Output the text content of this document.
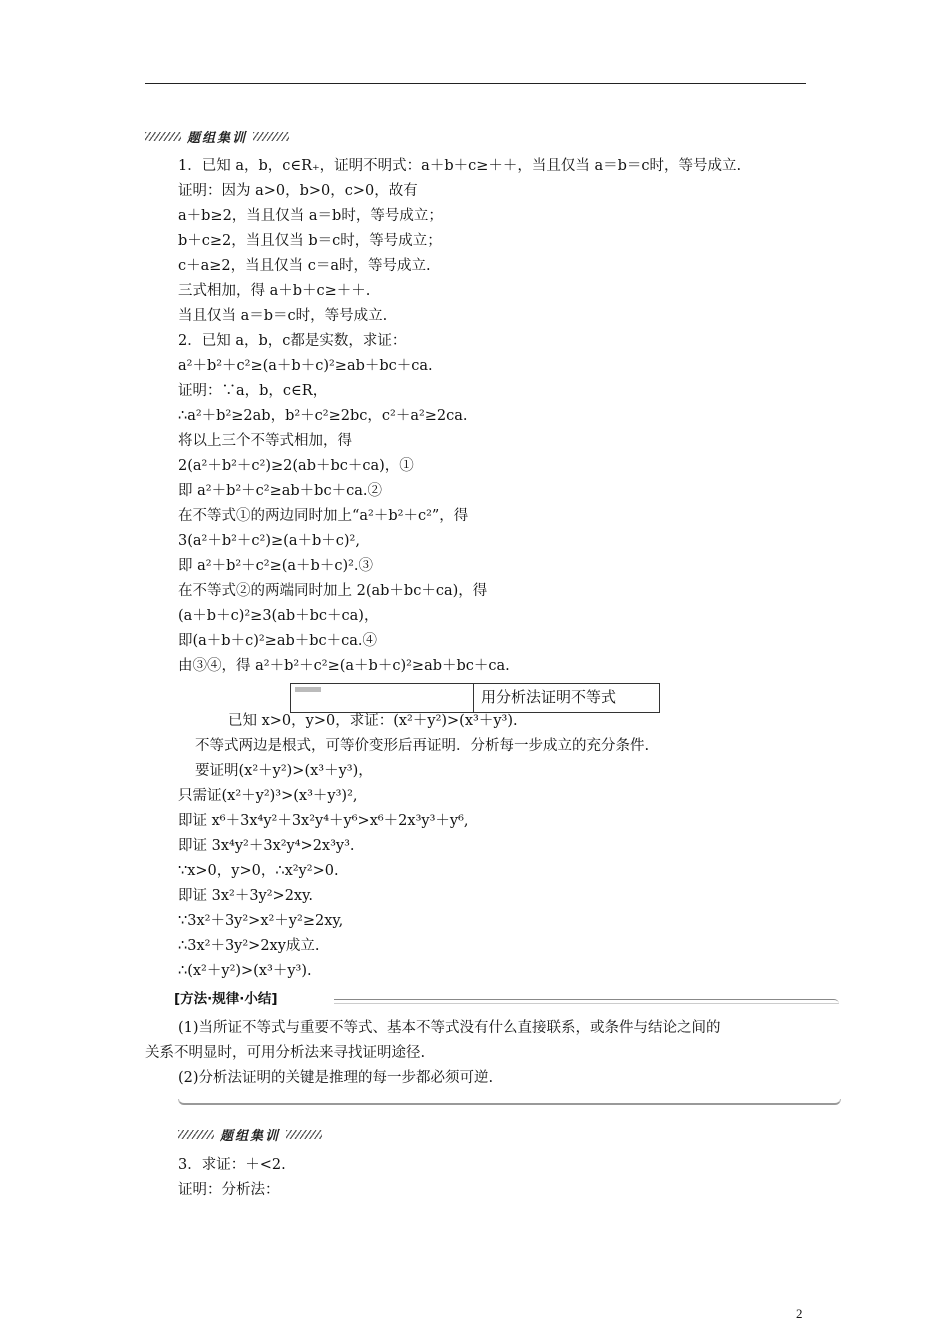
题组集训
1．已知 a，b，c∈R₊，证明不明式：a＋b＋c≥＋＋，当且仅当 a＝b＝c时，等号成立.
证明：因为 a>0，b>0，c>0，故有
a＋b≥2，当且仅当 a＝b时，等号成立；
b＋c≥2，当且仅当 b＝c时，等号成立；
c＋a≥2，当且仅当 c＝a时，等号成立.
三式相加，得 a＋b＋c≥＋＋.
当且仅当 a＝b＝c时，等号成立.
2．已知 a，b，c都是实数，求证：
a²＋b²＋c²≥(a＋b＋c)²≥ab＋bc＋ca.
证明：∵a，b，c∈R，
∴a²＋b²≥2ab，b²＋c²≥2bc，c²＋a²≥2ca.
将以上三个不等式相加，得
2(a²＋b²＋c²)≥2(ab＋bc＋ca)，①
即 a²＋b²＋c²≥ab＋bc＋ca.②
在不等式①的两边同时加上“a²＋b²＋c²”，得
3(a²＋b²＋c²)≥(a＋b＋c)²,
即 a²＋b²＋c²≥(a＋b＋c)².③
在不等式②的两端同时加上 2(ab＋bc＋ca)，得
(a＋b＋c)²≥3(ab＋bc＋ca)，
即(a＋b＋c)²≥ab＋bc＋ca.④
由③④，得 a²＋b²＋c²≥(a＋b＋c)²≥ab＋bc＋ca.
用分析法证明不等式
已知 x>0，y>0，求证：(x²＋y²)>(x³＋y³).
不等式两边是根式，可等价变形后再证明．分析每一步成立的充分条件.
要证明(x²＋y²)>(x³＋y³)，
只需证(x²＋y²)³>(x³＋y³)²,
即证 x⁶＋3x⁴y²＋3x²y⁴＋y⁶>x⁶＋2x³y³＋y⁶,
即证 3x⁴y²＋3x²y⁴>2x³y³.
∵x>0，y>0，∴x²y²>0.
即证 3x²＋3y²>2xy.
∵3x²＋3y²>x²＋y²≥2xy,
∴3x²＋3y²>2xy成立.
∴(x²＋y²)>(x³＋y³).
[方法·规律·小结]
(1)当所证不等式与重要不等式、基本不等式没有什么直接联系，或条件与结论之间的
关系不明显时，可用分析法来寻找证明途径.
(2)分析法证明的关键是推理的每一步都必须可逆.
题组集训
3．求证：＋<2.
证明：分析法：
2
